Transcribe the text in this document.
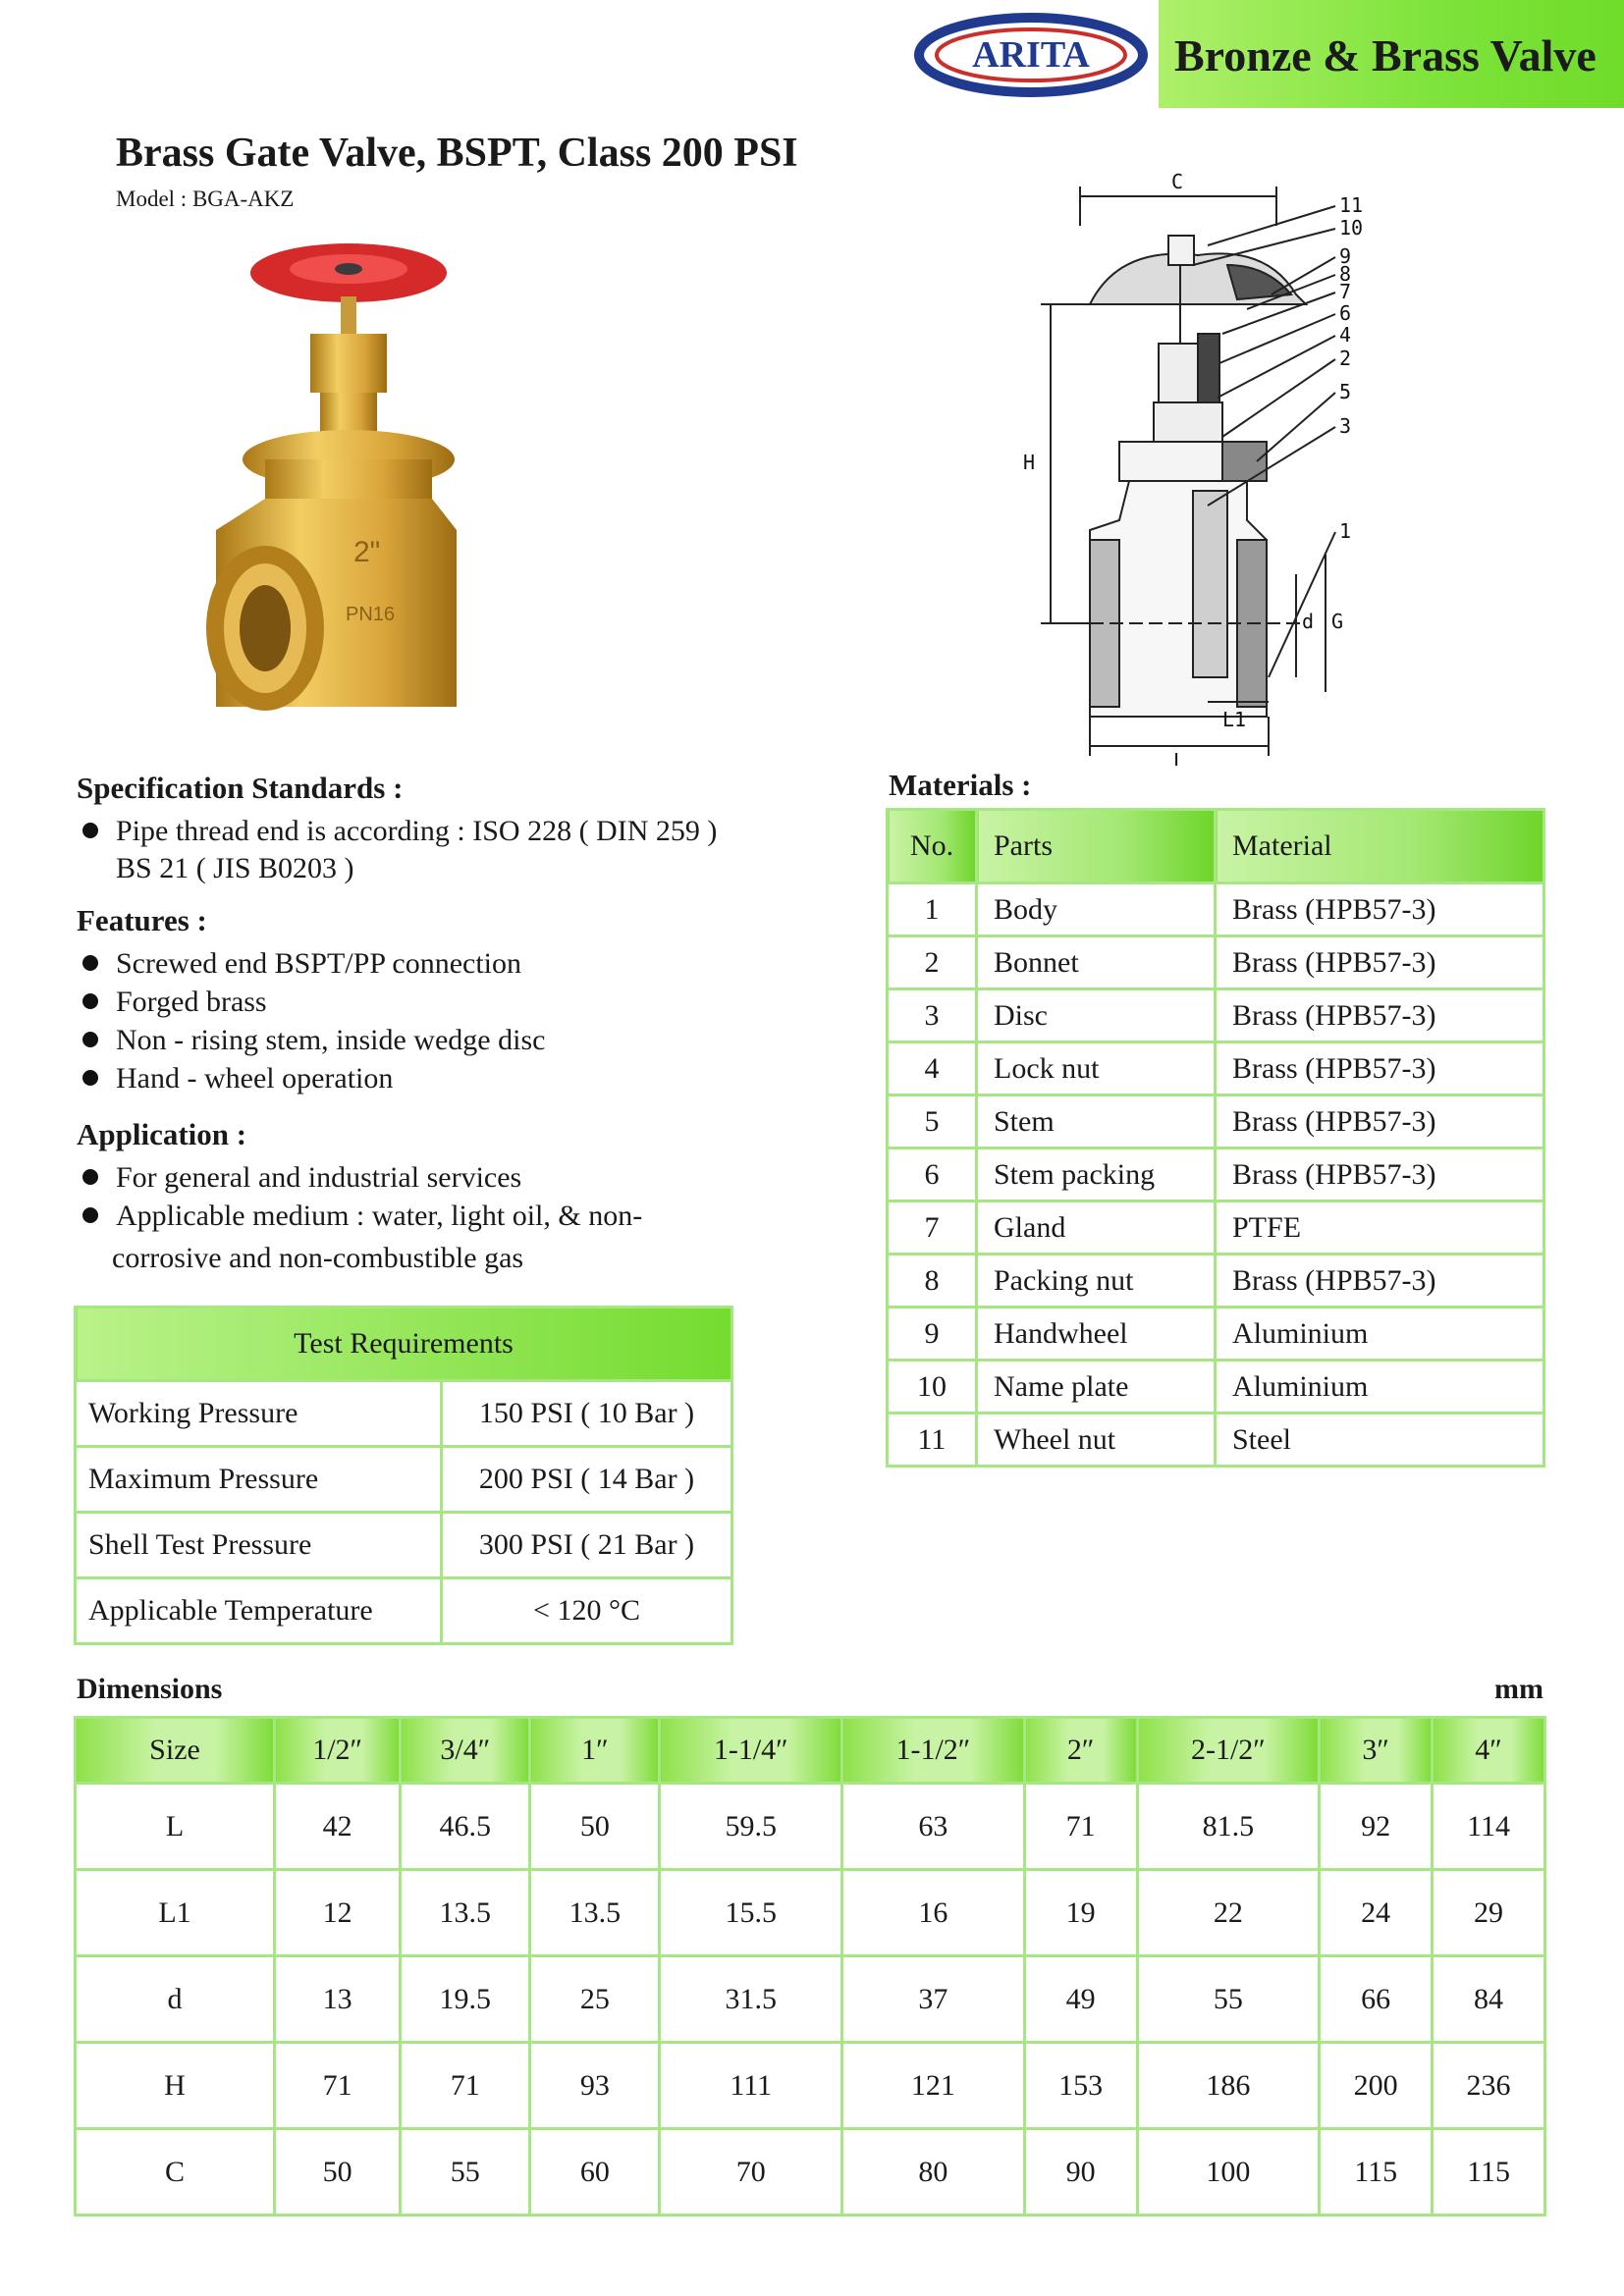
ARITA Bronze & Brass Valve
Brass Gate Valve, BSPT, Class 200 PSI
Model : BGA-AKZ
2"
PN16
C
H
L
L1
d G
11
10
9
8
7
6
4
2
5
3
1
Specification Standards :
Pipe thread end is according : ISO 228 ( DIN 259 )
BS 21 ( JIS B0203 )
Features :
Screwed end BSPT/PP connection
Forged brass
Non - rising stem, inside wedge disc
Hand - wheel operation
Application :
For general and industrial services
Applicable medium : water, light oil, & non-
corrosive and non-combustible gas
Test Requirements	
Working Pressure	150 PSI ( 10 Bar )
Maximum Pressure	200 PSI ( 14 Bar )
Shell Test Pressure	300 PSI ( 21 Bar )
Applicable Temperature	< 120 °C
Materials :
No.	Parts	Material
1	Body	Brass (HPB57-3)
2	Bonnet	Brass (HPB57-3)
3	Disc	Brass (HPB57-3)
4	Lock nut	Brass (HPB57-3)
5	Stem	Brass (HPB57-3)
6	Stem packing	Brass (HPB57-3)
7	Gland	PTFE
8	Packing nut	Brass (HPB57-3)
9	Handwheel	Aluminium
10	Name plate	Aluminium
11	Wheel nut	Steel
Dimensions	mm
Size	1/2″	3/4″	1″	1-1/4″	1-1/2″	2″	2-1/2″	3″	4″
L	42	46.5	50	59.5	63	71	81.5	92	114
L1	12	13.5	13.5	15.5	16	19	22	24	29
d	13	19.5	25	31.5	37	49	55	66	84
H	71	71	93	111	121	153	186	200	236
C	50	55	60	70	80	90	100	115	115
